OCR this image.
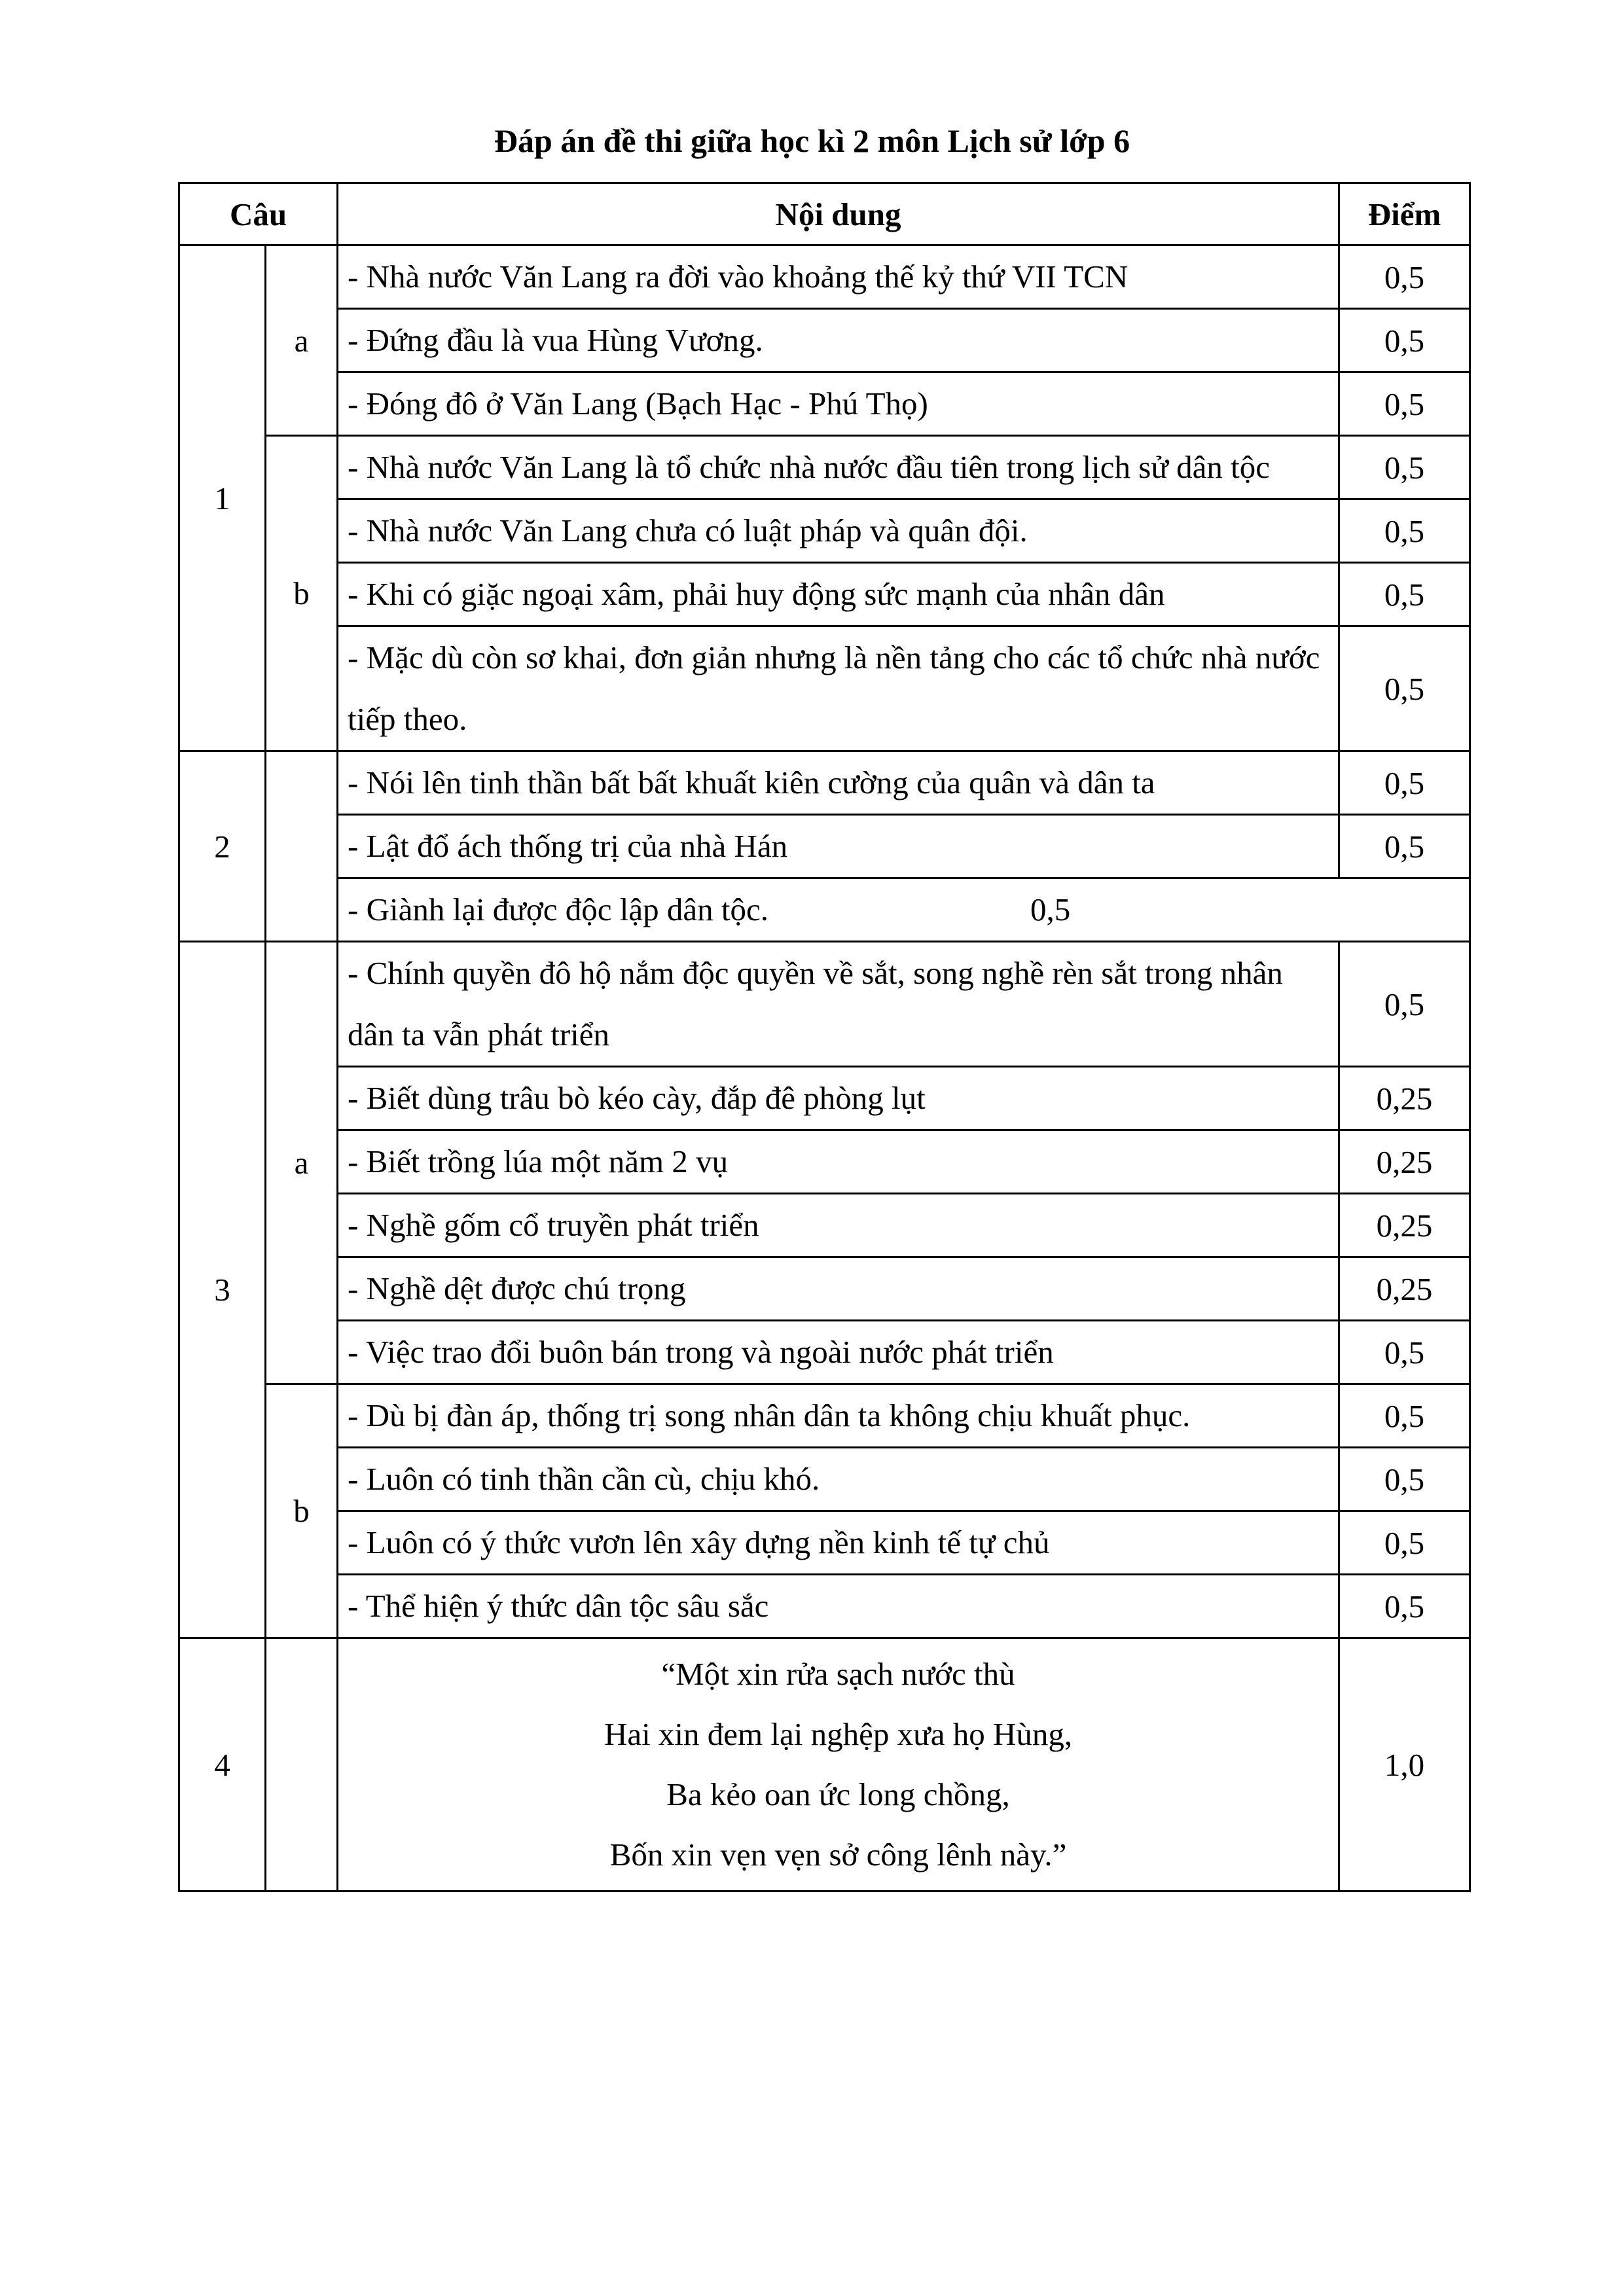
Đáp án đề thi giữa học kì 2 môn Lịch sử lớp 6
Câu		Nội dung	Điểm
1	a	- Nhà nước Văn Lang ra đời vào khoảng thế kỷ thứ VII TCN	0,5
		- Đứng đầu là vua Hùng Vương.	0,5
		- Đóng đô ở Văn Lang (Bạch Hạc - Phú Thọ)	0,5
	b	- Nhà nước Văn Lang là tổ chức nhà nước đầu tiên trong lịch sử dân tộc	0,5
		- Nhà nước Văn Lang chưa có luật pháp và quân đội.	0,5
		- Khi có giặc ngoại xâm, phải huy động sức mạnh của nhân dân	0,5
		- Mặc dù còn sơ khai, đơn giản nhưng là nền tảng cho các tổ chức nhà nước tiếp theo.	0,5
2		- Nói lên tinh thần bất bất khuất kiên cường của quân và dân ta	0,5
		- Lật đổ ách thống trị của nhà Hán	0,5
		- Giành lại được độc lập dân tộc. 0,5	
3	a	- Chính quyền đô hộ nắm độc quyền về sắt, song nghề rèn sắt trong nhân dân ta vẫn phát triển	0,5
		- Biết dùng trâu bò kéo cày, đắp đê phòng lụt	0,25
		- Biết trồng lúa một năm 2 vụ	0,25
		- Nghề gốm cổ truyền phát triển	0,25
		- Nghề dệt được chú trọng	0,25
		- Việc trao đổi buôn bán trong và ngoài nước phát triển	0,5
	b	- Dù bị đàn áp, thống trị song nhân dân ta không chịu khuất phục.	0,5
		- Luôn có tinh thần cần cù, chịu khó.	0,5
		- Luôn có ý thức vươn lên xây dựng nền kinh tế tự chủ	0,5
		- Thể hiện ý thức dân tộc sâu sắc	0,5
4		“Một xin rửa sạch nước thù
Hai xin đem lại nghệp xưa họ Hùng,
Ba kẻo oan ức long chồng,
Bốn xin vẹn vẹn sở công lênh này.”	1,0
